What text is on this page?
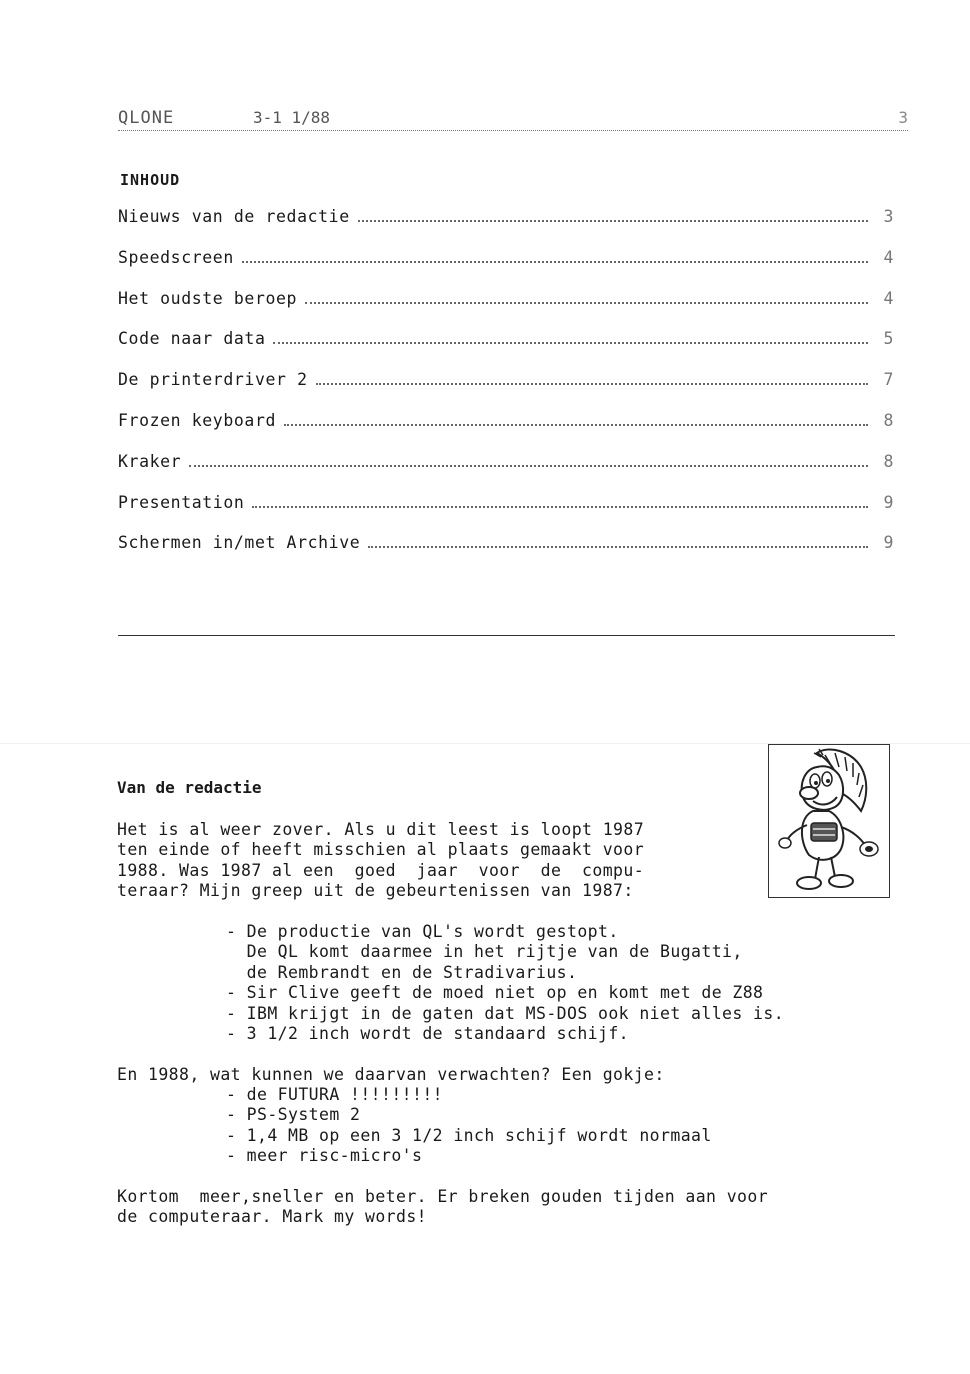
QLONE	3-1 1/88	3
INHOUD
Nieuws van de redactie	3
Speedscreen	4
Het oudste beroep	4
Code naar data	5
De printerdriver 2	7
Frozen keyboard	8
Kraker	8
Presentation	9
Schermen in/met Archive	9
Van de redactie
Het is al weer zover. Als u dit leest is loopt 1987
ten einde of heeft misschien al plaats gemaakt voor
1988. Was 1987 al een  goed  jaar  voor  de  compu-
teraar? Mijn greep uit de gebeurtenissen van 1987:
- De productie van QL's wordt gestopt.
De QL komt daarmee in het rijtje van de Bugatti,
de Rembrandt en de Stradivarius.
- Sir Clive geeft de moed niet op en komt met de Z88
- IBM krijgt in de gaten dat MS-DOS ook niet alles is.
- 3 1/2 inch wordt de standaard schijf.
En 1988, wat kunnen we daarvan verwachten? Een gokje:
- de FUTURA !!!!!!!!!
- PS-System 2
- 1,4 MB op een 3 1/2 inch schijf wordt normaal
- meer risc-micro's
Kortom  meer,sneller en beter. Er breken gouden tijden aan voor
de computeraar. Mark my words!
